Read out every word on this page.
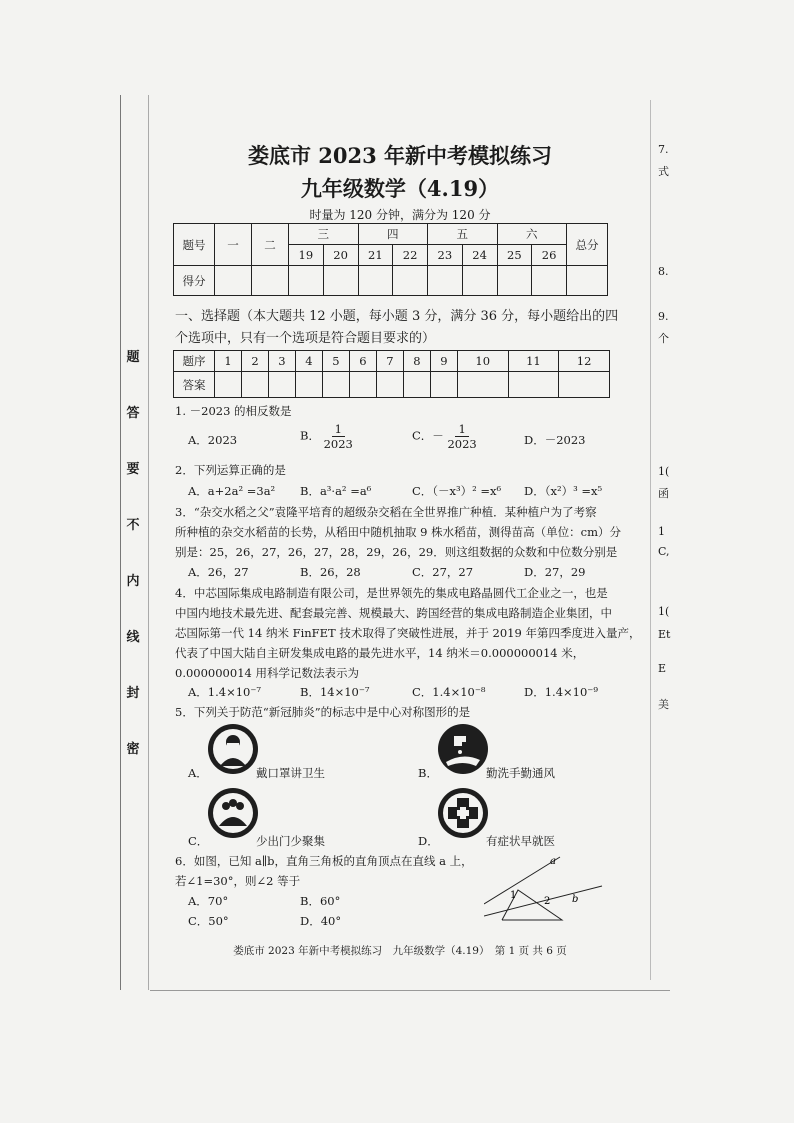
题
答
要
不
内
线
封
密
娄底市 2023 年新中考模拟练习
九年级数学（4.19）
时量为 120 分钟，满分为 120 分
题号	一	二	三		四		五		六		总分
			19	20	21	22	23	24	25	26	
得分											
一、选择题（本大题共 12 小题，每小题 3 分，满分 36 分，每小题给出的四
个选项中，只有一个选项是符合题目要求的）
题序	1	2	3	4	5	6	7	8	9	10	11	12
答案												
1. －2023 的相反数是
A．2023	B． $\frac{1}{2023}$	C．－ $\frac{1}{2023}$	D．－2023
2．下列运算正确的是
A．a+2a² =3a² B．a³·a² =a⁶	C．（－x³）² =x⁶ D．（x²）³ =x⁵
3．“杂交水稻之父”袁隆平培育的超级杂交稻在全世界推广种植．某种植户为了考察
所种植的杂交水稻苗的长势，从稻田中随机抽取 9 株水稻苗，测得苗高（单位：cm）分
别是：25，26，27，26，27，28，29，26，29．则这组数据的众数和中位数分别是
A．26，27	B．26，28	C．27，27	D．27，29
4．中芯国际集成电路制造有限公司，是世界领先的集成电路晶圆代工企业之一，也是
中国内地技术最先进、配套最完善、规模最大、跨国经营的集成电路制造企业集团，中
芯国际第一代 14 纳米 FinFET 技术取得了突破性进展，并于 2019 年第四季度进入量产，
代表了中国大陆自主研发集成电路的最先进水平，14 纳米＝0.000000014 米，
0.000000014 用科学记数法表示为
A．1.4×10⁻⁷	B．14×10⁻⁷	C．1.4×10⁻⁸	D．1.4×10⁻⁹
5．下列关于防范“新冠肺炎”的标志中是中心对称图形的是
A．	戴口罩讲卫生	B．	勤洗手勤通风
C．	少出门少聚集	D．	有症状早就医
6．如图，已知 a∥b，直角三角板的直角顶点在直线 a 上，
若∠1=30°，则∠2 等于
A．70°	B．60°
C．50°	D．40°
a
b
1
2
娄底市 2023 年新中考模拟练习　九年级数学（4.19）　第 1 页 共 6 页
7.
式
8.
9.
个
1(
函
1
C,
1(
Et
E
美
